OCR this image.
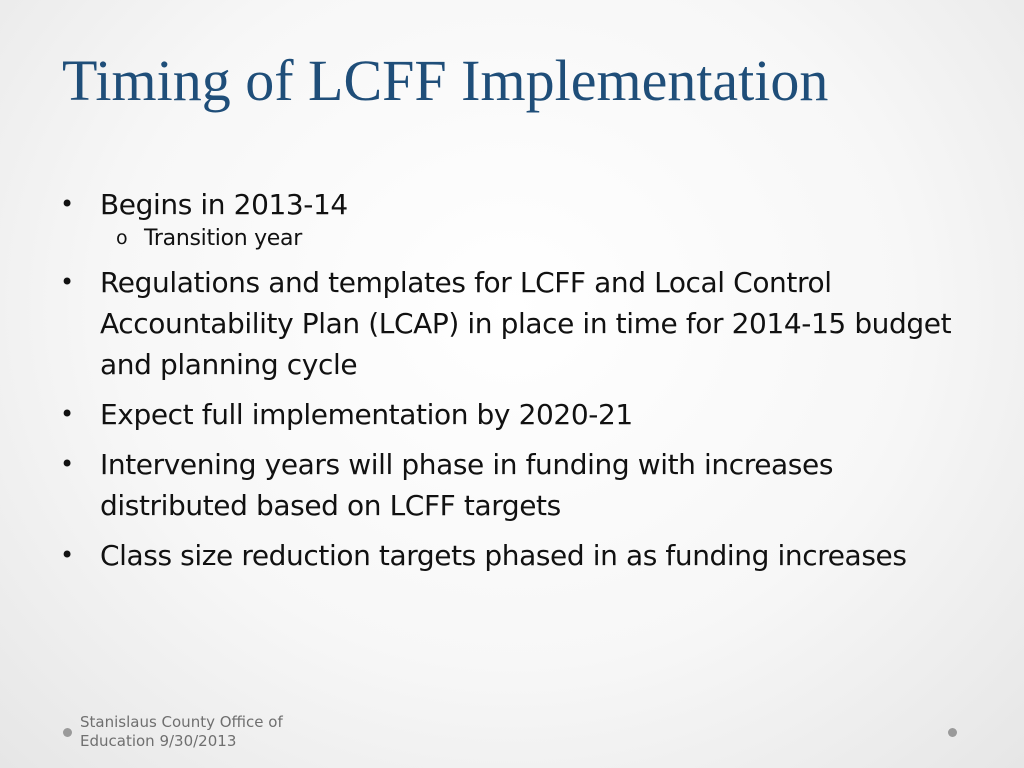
Timing of LCFF Implementation
• Begins in 2013-14
o Transition year
• Regulations and templates for LCFF and Local Control Accountability Plan (LCAP) in place in time for 2014-15 budget and planning cycle
• Expect full implementation by 2020-21
• Intervening years will phase in funding with increases distributed based on LCFF targets
• Class size reduction targets phased in as funding increases
Stanislaus County Office of Education 9/30/2013
